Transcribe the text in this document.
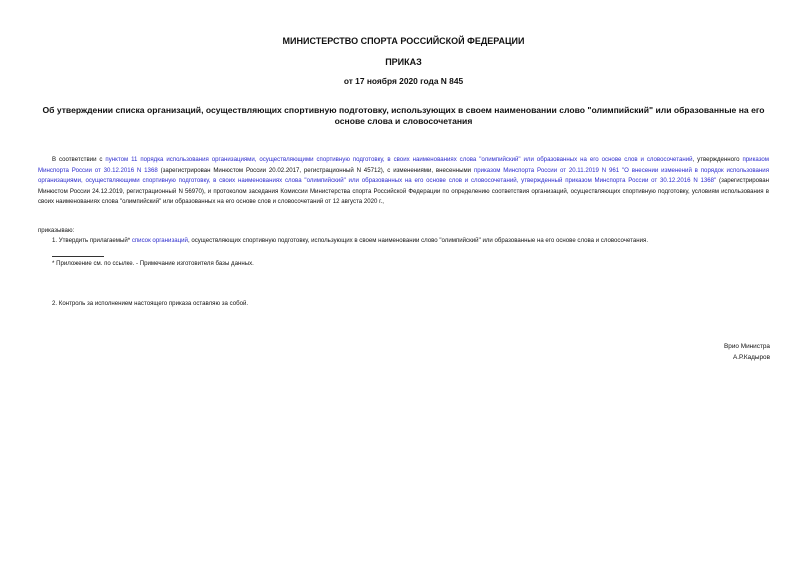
МИНИСТЕРСТВО СПОРТА РОССИЙСКОЙ ФЕДЕРАЦИИ
ПРИКАЗ
от 17 ноября 2020 года N 845
Об утверждении списка организаций, осуществляющих спортивную подготовку, использующих в своем наименовании слово "олимпийский" или образованные на его основе слова и словосочетания
В соответствии с пунктом 11 порядка использования организациями, осуществляющими спортивную подготовку, в своих наименованиях слова "олимпийский" или образованных на его основе слов и словосочетаний, утвержденного приказом Минспорта России от 30.12.2016 N 1368 (зарегистрирован Минюстом России 20.02.2017, регистрационный N 45712), с изменениями, внесенными приказом Минспорта России от 20.11.2019 N 961 "О внесении изменений в порядок использования организациями, осуществляющими спортивную подготовку, в своих наименованиях слова "олимпийский" или образованных на его основе слов и словосочетаний, утвержденный приказом Минспорта России от 30.12.2016 N 1368" (зарегистрирован Минюстом России 24.12.2019, регистрационный N 56970), и протоколом заседания Комиссии Министерства спорта Российской Федерации по определению соответствия организаций, осуществляющих спортивную подготовку, условиям использования в своих наименованиях слова "олимпийский" или образованных на его основе слов и словосочетаний от 12 августа 2020 г.,
приказываю:
1. Утвердить прилагаемый* список организаций, осуществляющих спортивную подготовку, использующих в своем наименовании слово "олимпийский" или образованные на его основе слова и словосочетания.
* Приложение см. по ссылке. - Примечание изготовителя базы данных.
2. Контроль за исполнением настоящего приказа оставляю за собой.
Врио Министра
А.Р.Кадыров
